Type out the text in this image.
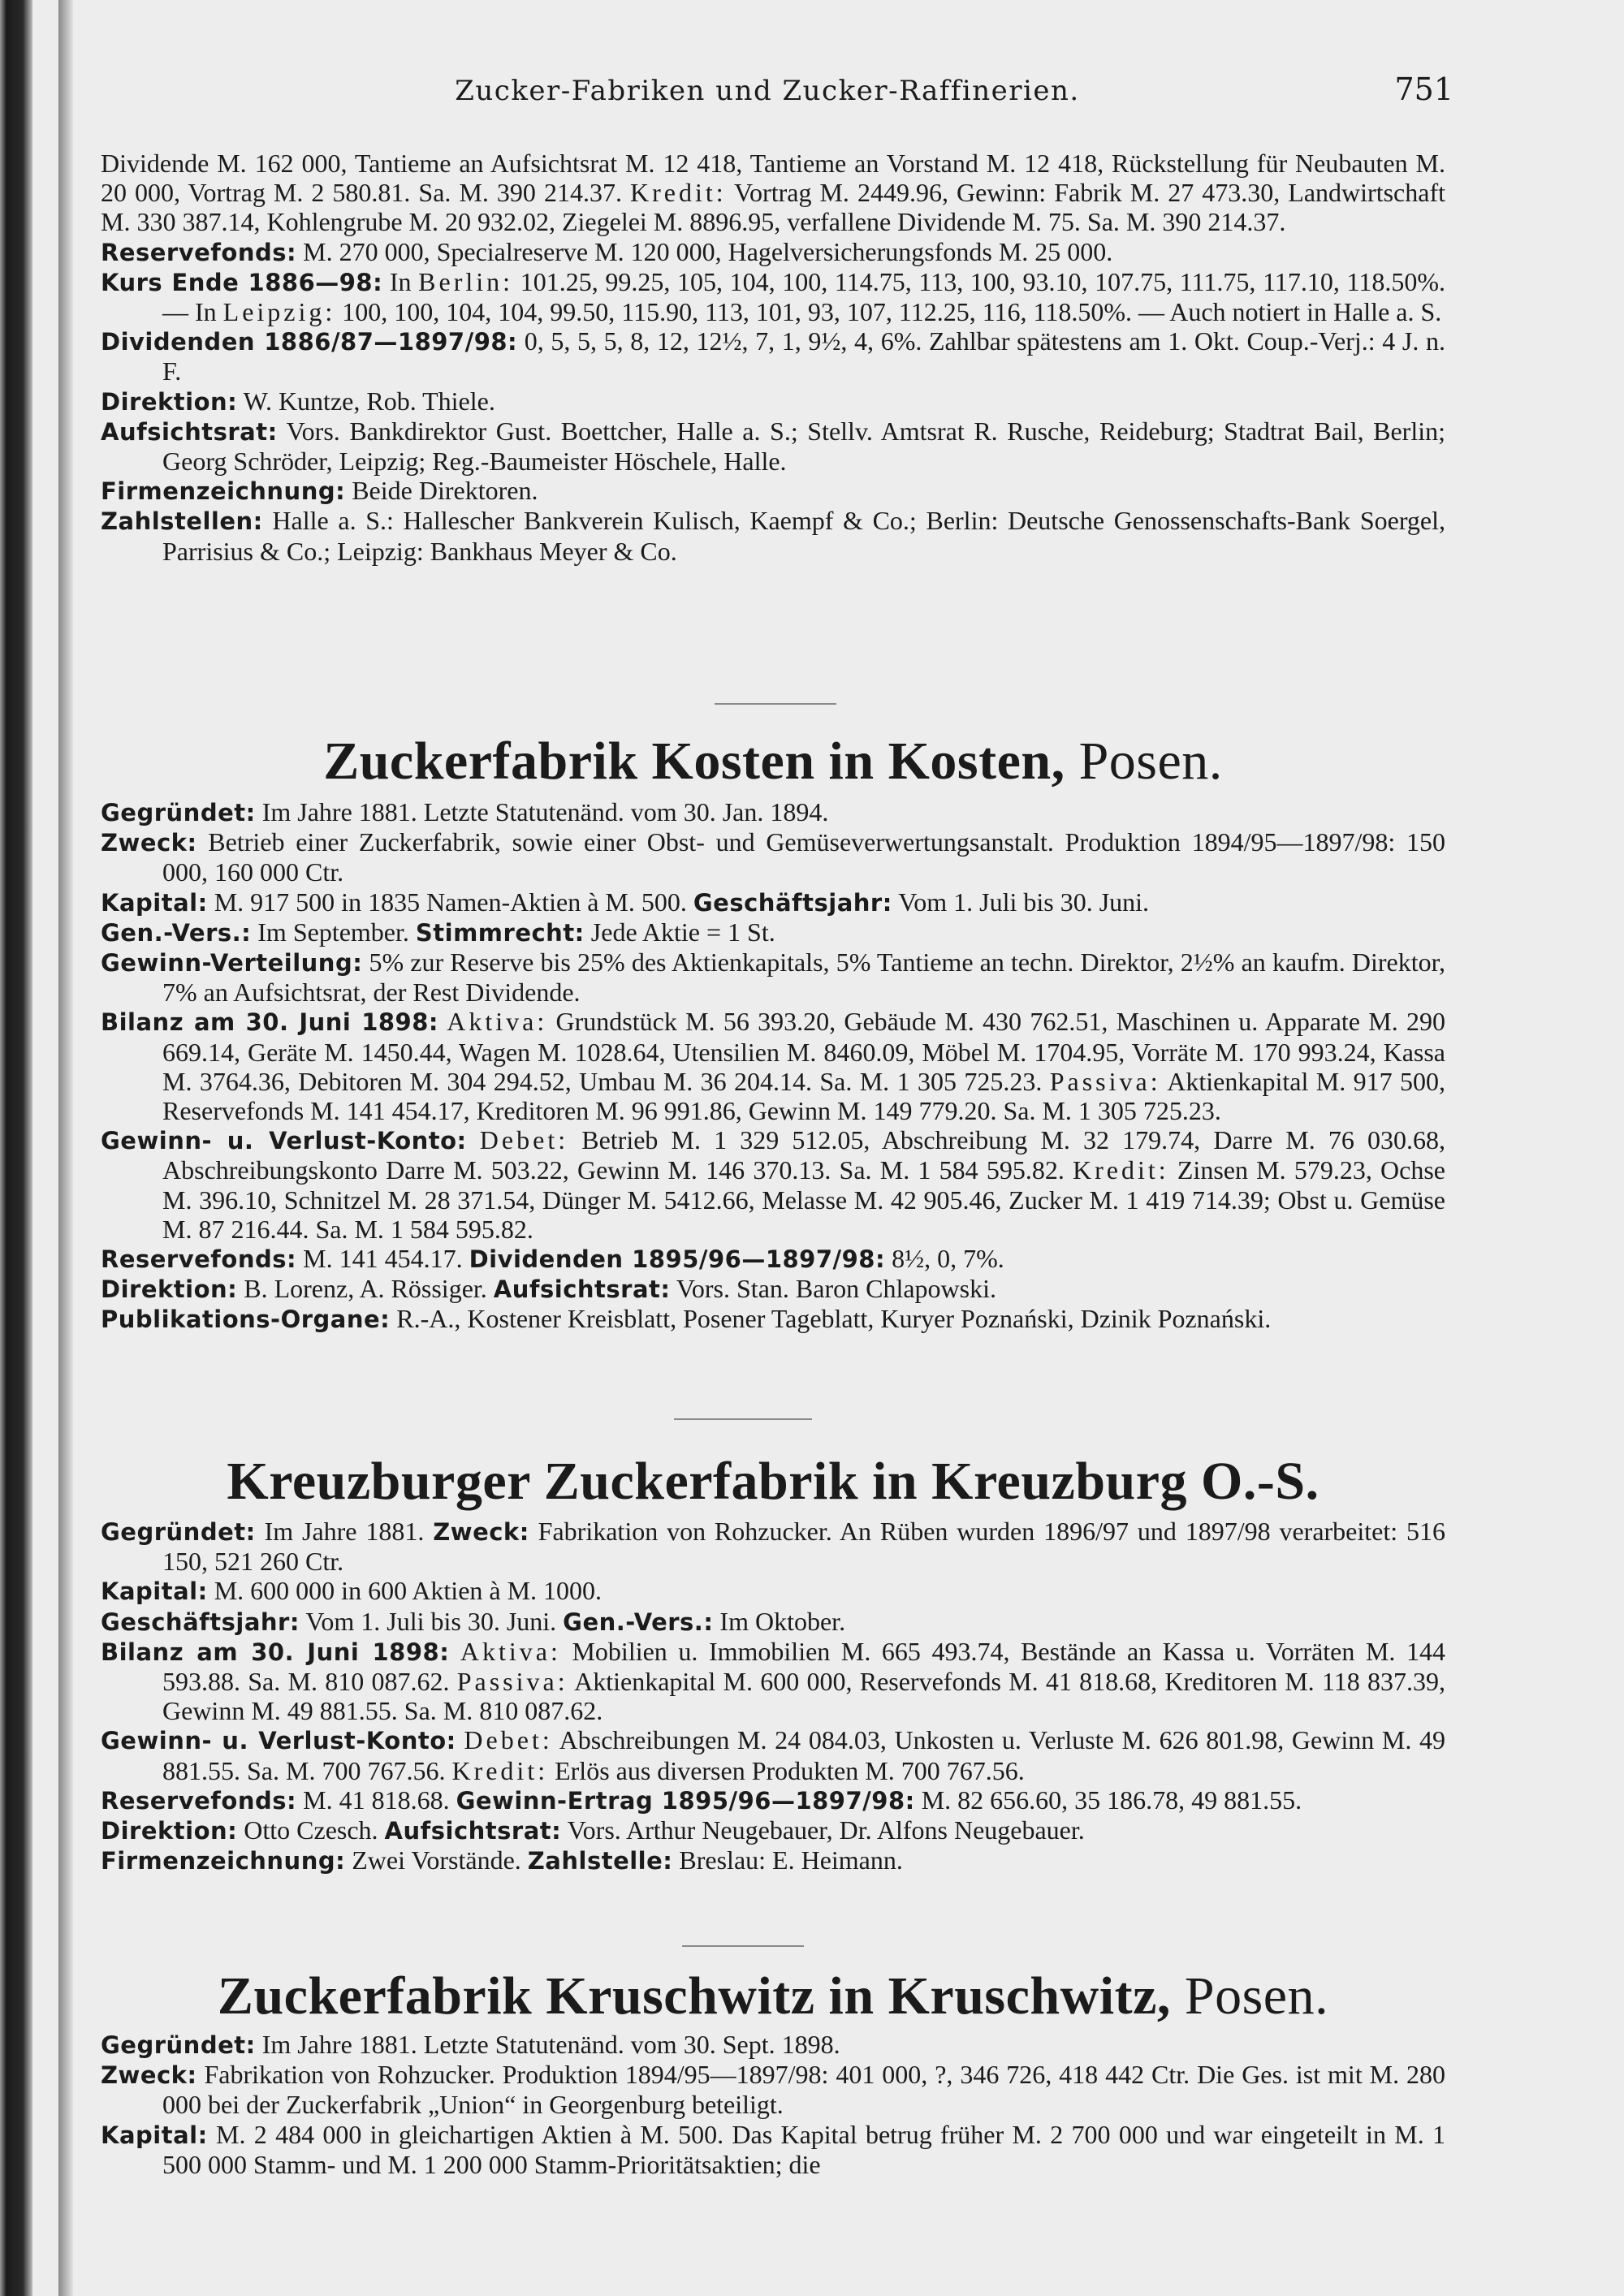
Zucker-Fabriken und Zucker-Raffinerien.	751

Dividende M. 162 000, Tantieme an Aufsichtsrat M. 12 418, Tantieme an Vorstand M. 12 418, Rückstellung für Neubauten M. 20 000, Vortrag M. 2 580.81. Sa. M. 390 214.37. Kredit: Vortrag M. 2449.96, Gewinn: Fabrik M. 27 473.30, Landwirtschaft M. 330 387.14, Kohlengrube M. 20 932.02, Ziegelei M. 8896.95, verfallene Dividende M. 75. Sa. M. 390 214.37.

Reservefonds: M. 270 000, Specialreserve M. 120 000, Hagelversicherungsfonds M. 25 000.

Kurs Ende 1886—98: In Berlin: 101.25, 99.25, 105, 104, 100, 114.75, 113, 100, 93.10, 107.75, 111.75, 117.10, 118.50%. — In Leipzig: 100, 100, 104, 104, 99.50, 115.90, 113, 101, 93, 107, 112.25, 116, 118.50%. — Auch notiert in Halle a. S.

Dividenden 1886/87—1897/98: 0, 5, 5, 5, 8, 12, 12½, 7, 1, 9½, 4, 6%. Zahlbar spätestens am 1. Okt. Coup.-Verj.: 4 J. n. F.

Direktion: W. Kuntze, Rob. Thiele.

Aufsichtsrat: Vors. Bankdirektor Gust. Boettcher, Halle a. S.; Stellv. Amtsrat R. Rusche, Reideburg; Stadtrat Bail, Berlin; Georg Schröder, Leipzig; Reg.-Baumeister Höschele, Halle.

Firmenzeichnung: Beide Direktoren.

Zahlstellen: Halle a. S.: Hallescher Bankverein Kulisch, Kaempf & Co.; Berlin: Deutsche Genossenschafts-Bank Soergel, Parrisius & Co.; Leipzig: Bankhaus Meyer & Co.

Zuckerfabrik Kosten in Kosten, Posen.

Gegründet: Im Jahre 1881. Letzte Statutenänd. vom 30. Jan. 1894.

Zweck: Betrieb einer Zuckerfabrik, sowie einer Obst- und Gemüseverwertungsanstalt. Produktion 1894/95—1897/98: 150 000, 160 000 Ctr.

Kapital: M. 917 500 in 1835 Namen-Aktien à M. 500. Geschäftsjahr: Vom 1. Juli bis 30. Juni.

Gen.-Vers.: Im September. Stimmrecht: Jede Aktie = 1 St.

Gewinn-Verteilung: 5% zur Reserve bis 25% des Aktienkapitals, 5% Tantieme an techn. Direktor, 2½% an kaufm. Direktor, 7% an Aufsichtsrat, der Rest Dividende.

Bilanz am 30. Juni 1898: Aktiva: Grundstück M. 56 393.20, Gebäude M. 430 762.51, Maschinen u. Apparate M. 290 669.14, Geräte M. 1450.44, Wagen M. 1028.64, Utensilien M. 8460.09, Möbel M. 1704.95, Vorräte M. 170 993.24, Kassa M. 3764.36, Debitoren M. 304 294.52, Umbau M. 36 204.14. Sa. M. 1 305 725.23. Passiva: Aktienkapital M. 917 500, Reservefonds M. 141 454.17, Kreditoren M. 96 991.86, Gewinn M. 149 779.20. Sa. M. 1 305 725.23.

Gewinn- u. Verlust-Konto: Debet: Betrieb M. 1 329 512.05, Abschreibung M. 32 179.74, Darre M. 76 030.68, Abschreibungskonto Darre M. 503.22, Gewinn M. 146 370.13. Sa. M. 1 584 595.82. Kredit: Zinsen M. 579.23, Ochse M. 396.10, Schnitzel M. 28 371.54, Dünger M. 5412.66, Melasse M. 42 905.46, Zucker M. 1 419 714.39; Obst u. Gemüse M. 87 216.44. Sa. M. 1 584 595.82.

Reservefonds: M. 141 454.17. Dividenden 1895/96—1897/98: 8½, 0, 7%.

Direktion: B. Lorenz, A. Rössiger. Aufsichtsrat: Vors. Stan. Baron Chlapowski.

Publikations-Organe: R.-A., Kostener Kreisblatt, Posener Tageblatt, Kuryer Poznański, Dzinik Poznański.

Kreuzburger Zuckerfabrik in Kreuzburg O.-S.

Gegründet: Im Jahre 1881. Zweck: Fabrikation von Rohzucker. An Rüben wurden 1896/97 und 1897/98 verarbeitet: 516 150, 521 260 Ctr.

Kapital: M. 600 000 in 600 Aktien à M. 1000.

Geschäftsjahr: Vom 1. Juli bis 30. Juni. Gen.-Vers.: Im Oktober.

Bilanz am 30. Juni 1898: Aktiva: Mobilien u. Immobilien M. 665 493.74, Bestände an Kassa u. Vorräten M. 144 593.88. Sa. M. 810 087.62. Passiva: Aktienkapital M. 600 000, Reservefonds M. 41 818.68, Kreditoren M. 118 837.39, Gewinn M. 49 881.55. Sa. M. 810 087.62.

Gewinn- u. Verlust-Konto: Debet: Abschreibungen M. 24 084.03, Unkosten u. Verluste M. 626 801.98, Gewinn M. 49 881.55. Sa. M. 700 767.56. Kredit: Erlös aus diversen Produkten M. 700 767.56.

Reservefonds: M. 41 818.68. Gewinn-Ertrag 1895/96—1897/98: M. 82 656.60, 35 186.78, 49 881.55.

Direktion: Otto Czesch. Aufsichtsrat: Vors. Arthur Neugebauer, Dr. Alfons Neugebauer.

Firmenzeichnung: Zwei Vorstände. Zahlstelle: Breslau: E. Heimann.

Zuckerfabrik Kruschwitz in Kruschwitz, Posen.

Gegründet: Im Jahre 1881. Letzte Statutenänd. vom 30. Sept. 1898.

Zweck: Fabrikation von Rohzucker. Produktion 1894/95—1897/98: 401 000, ?, 346 726, 418 442 Ctr. Die Ges. ist mit M. 280 000 bei der Zuckerfabrik „Union“ in Georgenburg beteiligt.

Kapital: M. 2 484 000 in gleichartigen Aktien à M. 500. Das Kapital betrug früher M. 2 700 000 und war eingeteilt in M. 1 500 000 Stamm- und M. 1 200 000 Stamm-Prioritätsaktien; die
